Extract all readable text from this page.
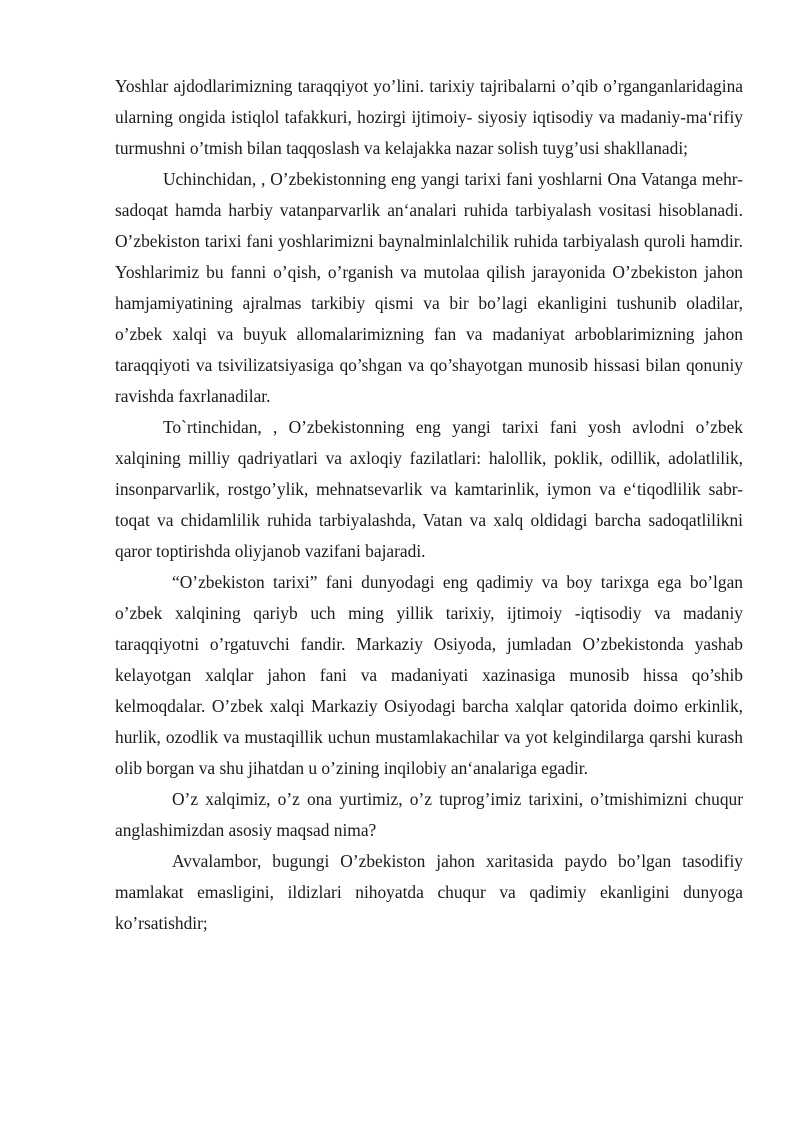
Yoshlar ajdodlarimizning taraqqiyot yo’lini. tarixiy tajribalarni o’qib o’rganganlaridagina ularning ongida istiqlol tafakkuri, hozirgi ijtimoiy- siyosiy iqtisodiy va madaniy-ma‘rifiy turmushni o’tmish bilan taqqoslash va kelajakka nazar solish tuyg’usi shakllanadi;

Uchinchidan, , O’zbekistonning eng yangi tarixi fani yoshlarni Ona Vatanga mehr- sadoqat hamda harbiy vatanparvarlik an‘analari ruhida tarbiyalash vositasi hisoblanadi. O’zbekiston tarixi fani yoshlarimizni baynalminlalchilik ruhida tarbiyalash quroli hamdir. Yoshlarimiz bu fanni o’qish, o’rganish va mutolaa qilish jarayonida O’zbekiston jahon hamjamiyatining ajralmas tarkibiy qismi va bir bo’lagi ekanligini tushunib oladilar, o’zbek xalqi va buyuk allomalarimizning fan va madaniyat arboblarimizning jahon taraqqiyoti va tsivilizatsiyasiga qo’shgan va qo’shayotgan munosib hissasi bilan qonuniy ravishda faxrlanadilar.

To`rtinchidan, , O’zbekistonning eng yangi tarixi fani yosh avlodni o’zbek xalqining milliy qadriyatlari va axloqiy fazilatlari: halollik, poklik, odillik, adolatlilik, insonparvarlik, rostgo’ylik, mehnatsevarlik va kamtarinlik, iymon va e‘tiqodlilik sabr-toqat va chidamlilik ruhida tarbiyalashda, Vatan va xalq oldidagi barcha sadoqatlilikni qaror toptirishda oliyjanob vazifani bajaradi.

“O’zbekiston tarixi” fani dunyodagi eng qadimiy va boy tarixga ega bo’lgan o’zbek xalqining qariyb uch ming yillik tarixiy, ijtimoiy -iqtisodiy va madaniy taraqqiyotni o’rgatuvchi fandir. Markaziy Osiyoda, jumladan O’zbekistonda yashab kelayotgan xalqlar jahon fani va madaniyati xazinasiga munosib hissa qo’shib kelmoqdalar. O’zbek xalqi Markaziy Osiyodagi barcha xalqlar qatorida doimo erkinlik, hurlik, ozodlik va mustaqillik uchun mustamlakachilar va yot kelgindilarga qarshi kurash olib borgan va shu jihatdan u o’zining inqilobiy an‘analariga egadir.

O’z xalqimiz, o’z ona yurtimiz, o’z tuprog’imiz tarixini, o’tmishimizni chuqur anglashimizdan asosiy maqsad nima?

Avvalambor, bugungi O’zbekiston jahon xaritasida paydo bo’lgan tasodifiy mamlakat emasligini, ildizlari nihoyatda chuqur va qadimiy ekanligini dunyoga ko’rsatishdir;
